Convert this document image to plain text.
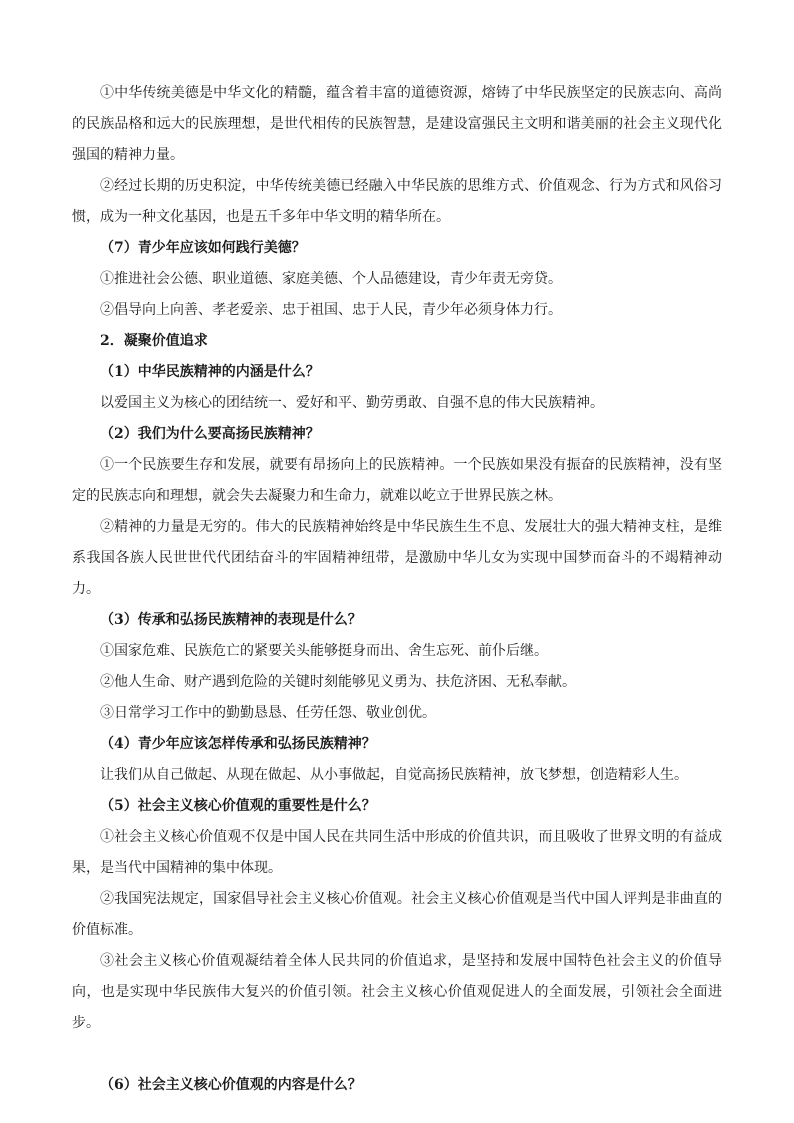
①中华传统美德是中华文化的精髓，蕴含着丰富的道德资源，熔铸了中华民族坚定的民族志向、高尚的民族品格和远大的民族理想，是世代相传的民族智慧，是建设富强民主文明和谐美丽的社会主义现代化强国的精神力量。

②经过长期的历史积淀，中华传统美德已经融入中华民族的思维方式、价值观念、行为方式和风俗习惯，成为一种文化基因，也是五千多年中华文明的精华所在。

（7）青少年应该如何践行美德？

①推进社会公德、职业道德、家庭美德、个人品德建设，青少年责无旁贷。

②倡导向上向善、孝老爱亲、忠于祖国、忠于人民，青少年必须身体力行。

2．凝聚价值追求

（1）中华民族精神的内涵是什么？

以爱国主义为核心的团结统一、爱好和平、勤劳勇敢、自强不息的伟大民族精神。

（2）我们为什么要高扬民族精神？

①一个民族要生存和发展，就要有昂扬向上的民族精神。一个民族如果没有振奋的民族精神，没有坚定的民族志向和理想，就会失去凝聚力和生命力，就难以屹立于世界民族之林。

②精神的力量是无穷的。伟大的民族精神始终是中华民族生生不息、发展壮大的强大精神支柱，是维系我国各族人民世世代代团结奋斗的牢固精神纽带，是激励中华儿女为实现中国梦而奋斗的不竭精神动力。

（3）传承和弘扬民族精神的表现是什么？

①国家危难、民族危亡的紧要关头能够挺身而出、舍生忘死、前仆后继。

②他人生命、财产遇到危险的关键时刻能够见义勇为、扶危济困、无私奉献。

③日常学习工作中的勤勤恳恳、任劳任怨、敬业创优。

（4）青少年应该怎样传承和弘扬民族精神？

让我们从自己做起、从现在做起、从小事做起，自觉高扬民族精神，放飞梦想，创造精彩人生。

（5）社会主义核心价值观的重要性是什么？

①社会主义核心价值观不仅是中国人民在共同生活中形成的价值共识，而且吸收了世界文明的有益成果，是当代中国精神的集中体现。

②我国宪法规定，国家倡导社会主义核心价值观。社会主义核心价值观是当代中国人评判是非曲直的价值标准。

③社会主义核心价值观凝结着全体人民共同的价值追求，是坚持和发展中国特色社会主义的价值导向，也是实现中华民族伟大复兴的价值引领。社会主义核心价值观促进人的全面发展，引领社会全面进步。

（6）社会主义核心价值观的内容是什么？
